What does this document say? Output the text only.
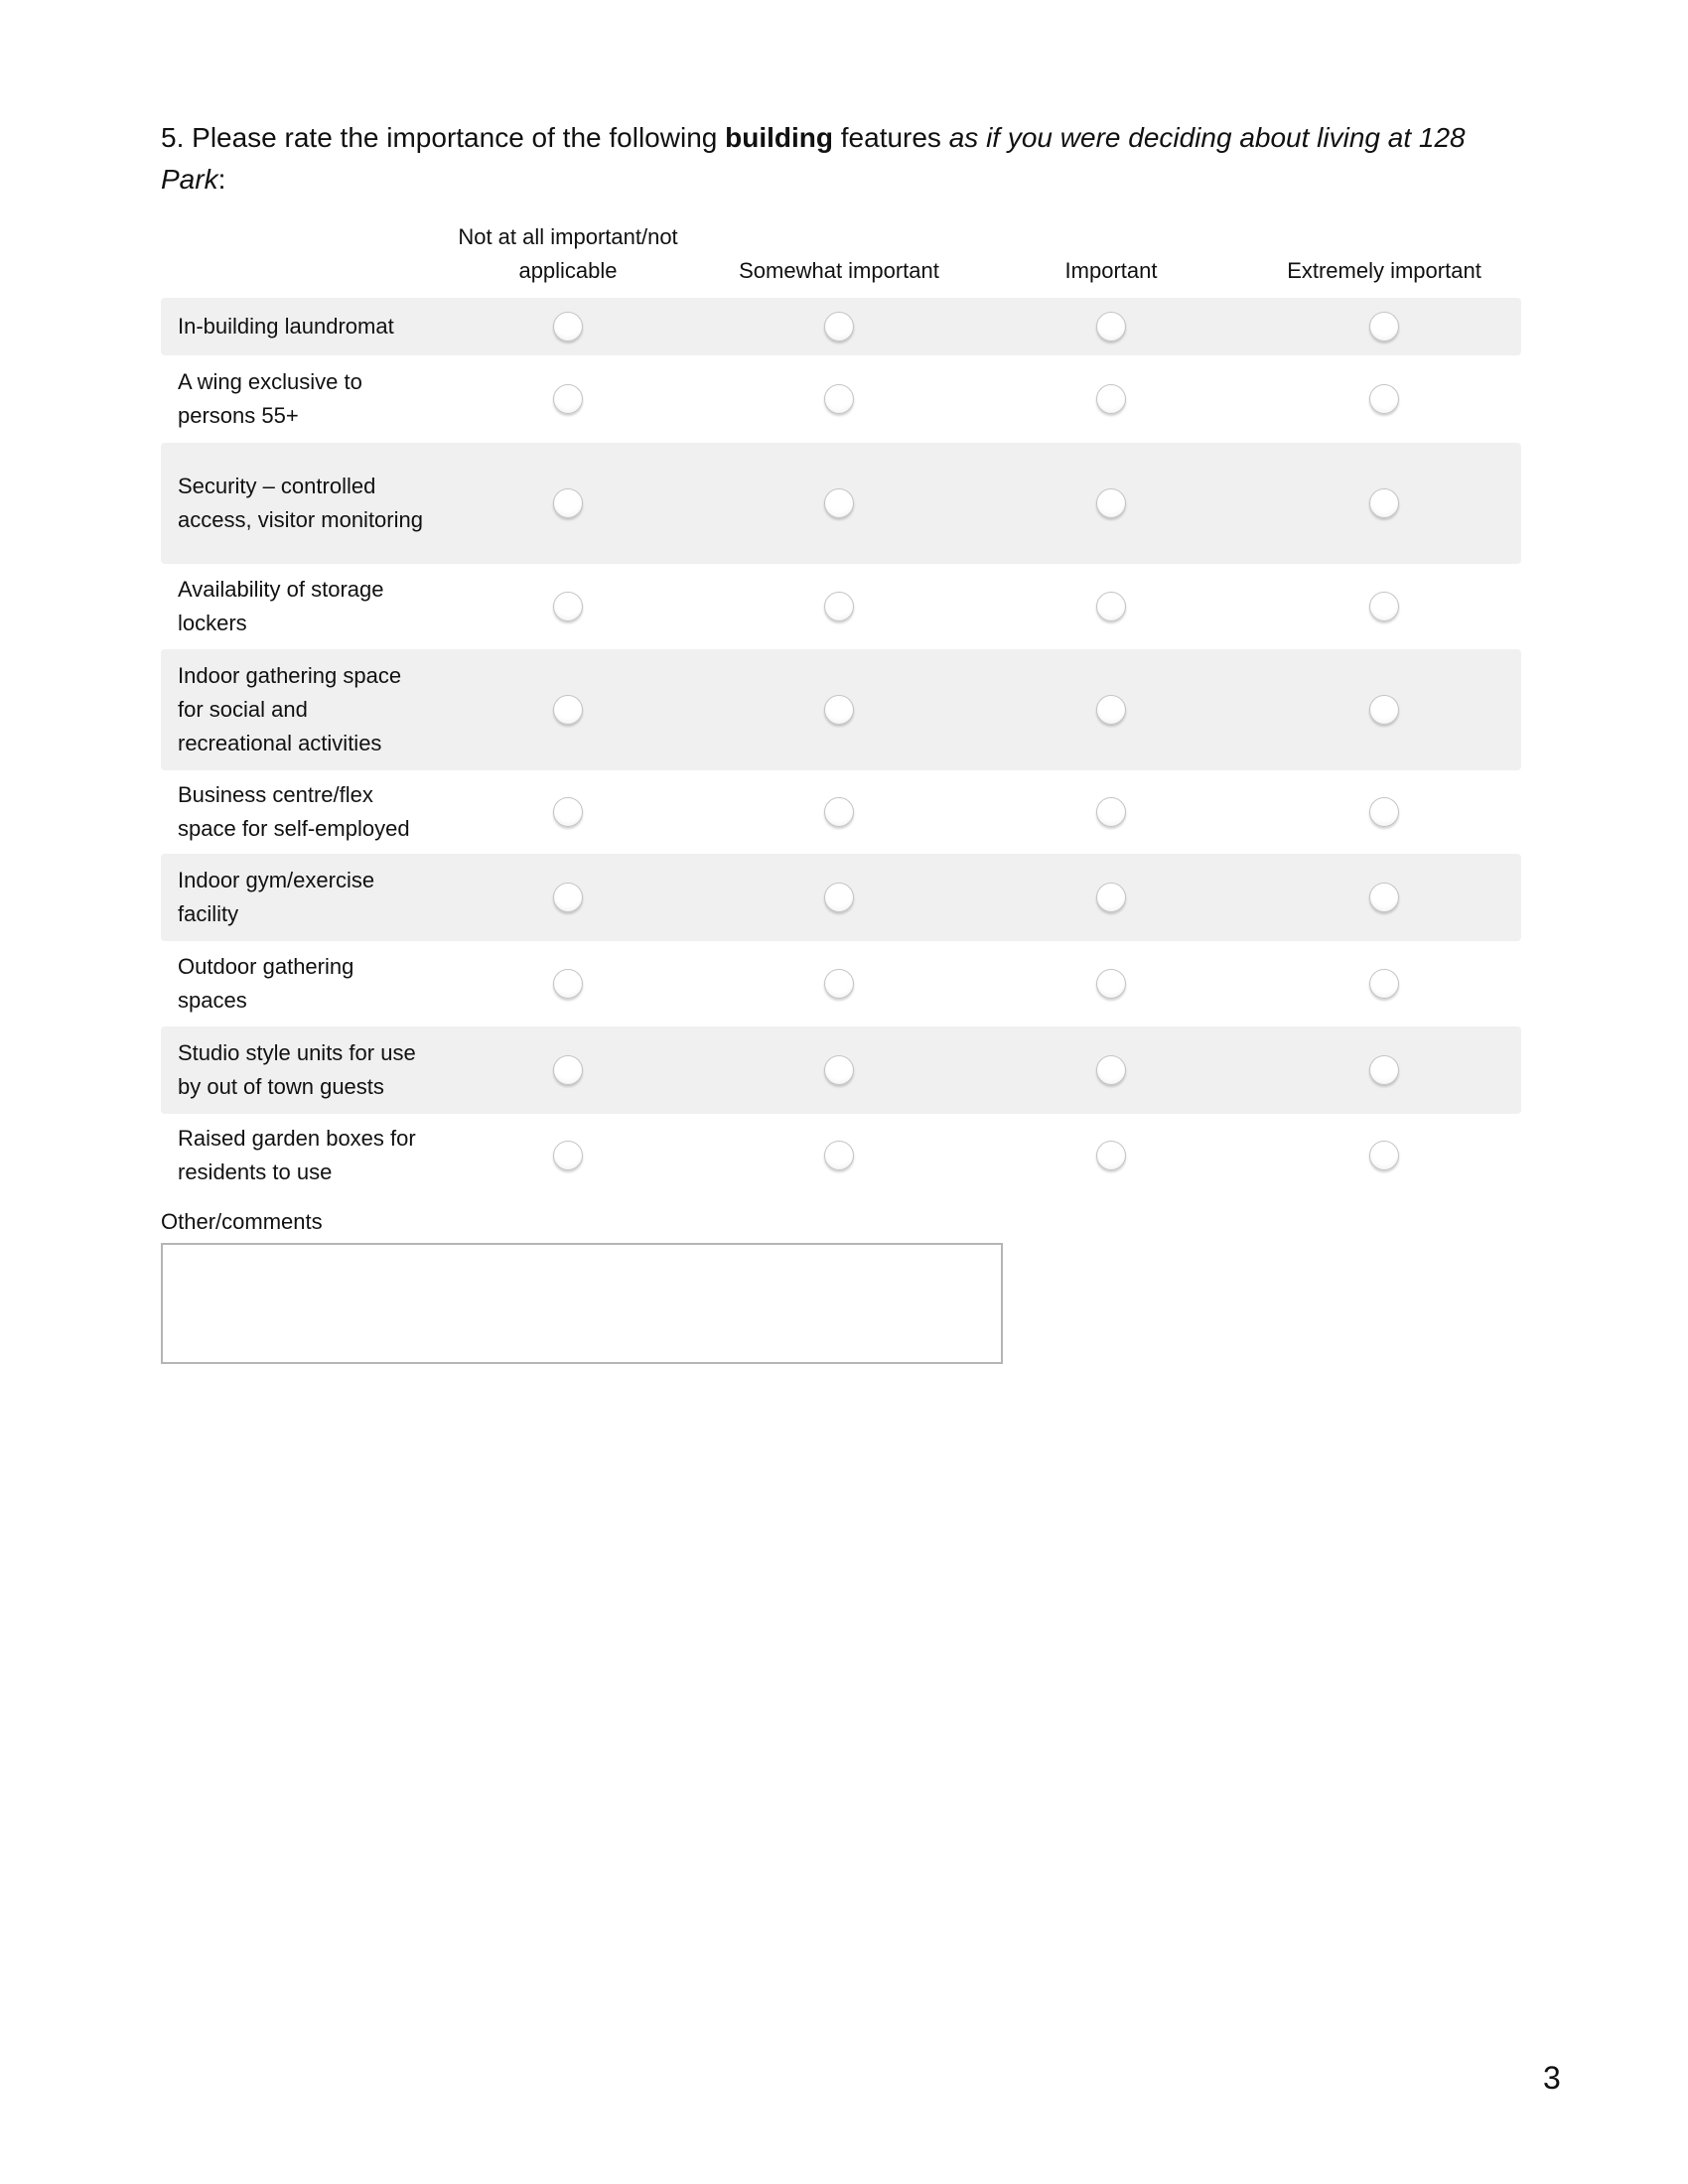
5. Please rate the importance of the following building features as if you were deciding about living at 128 Park:
Not at all important/not
applicable	Somewhat important	Important	Extremely important
In-building laundromat
A wing exclusive to persons 55+
Security – controlled access, visitor monitoring
Availability of storage lockers
Indoor gathering space for social and recreational activities
Business centre/flex space for self-employed
Indoor gym/exercise facility
Outdoor gathering spaces
Studio style units for use by out of town guests
Raised garden boxes for residents to use
Other/comments
3
